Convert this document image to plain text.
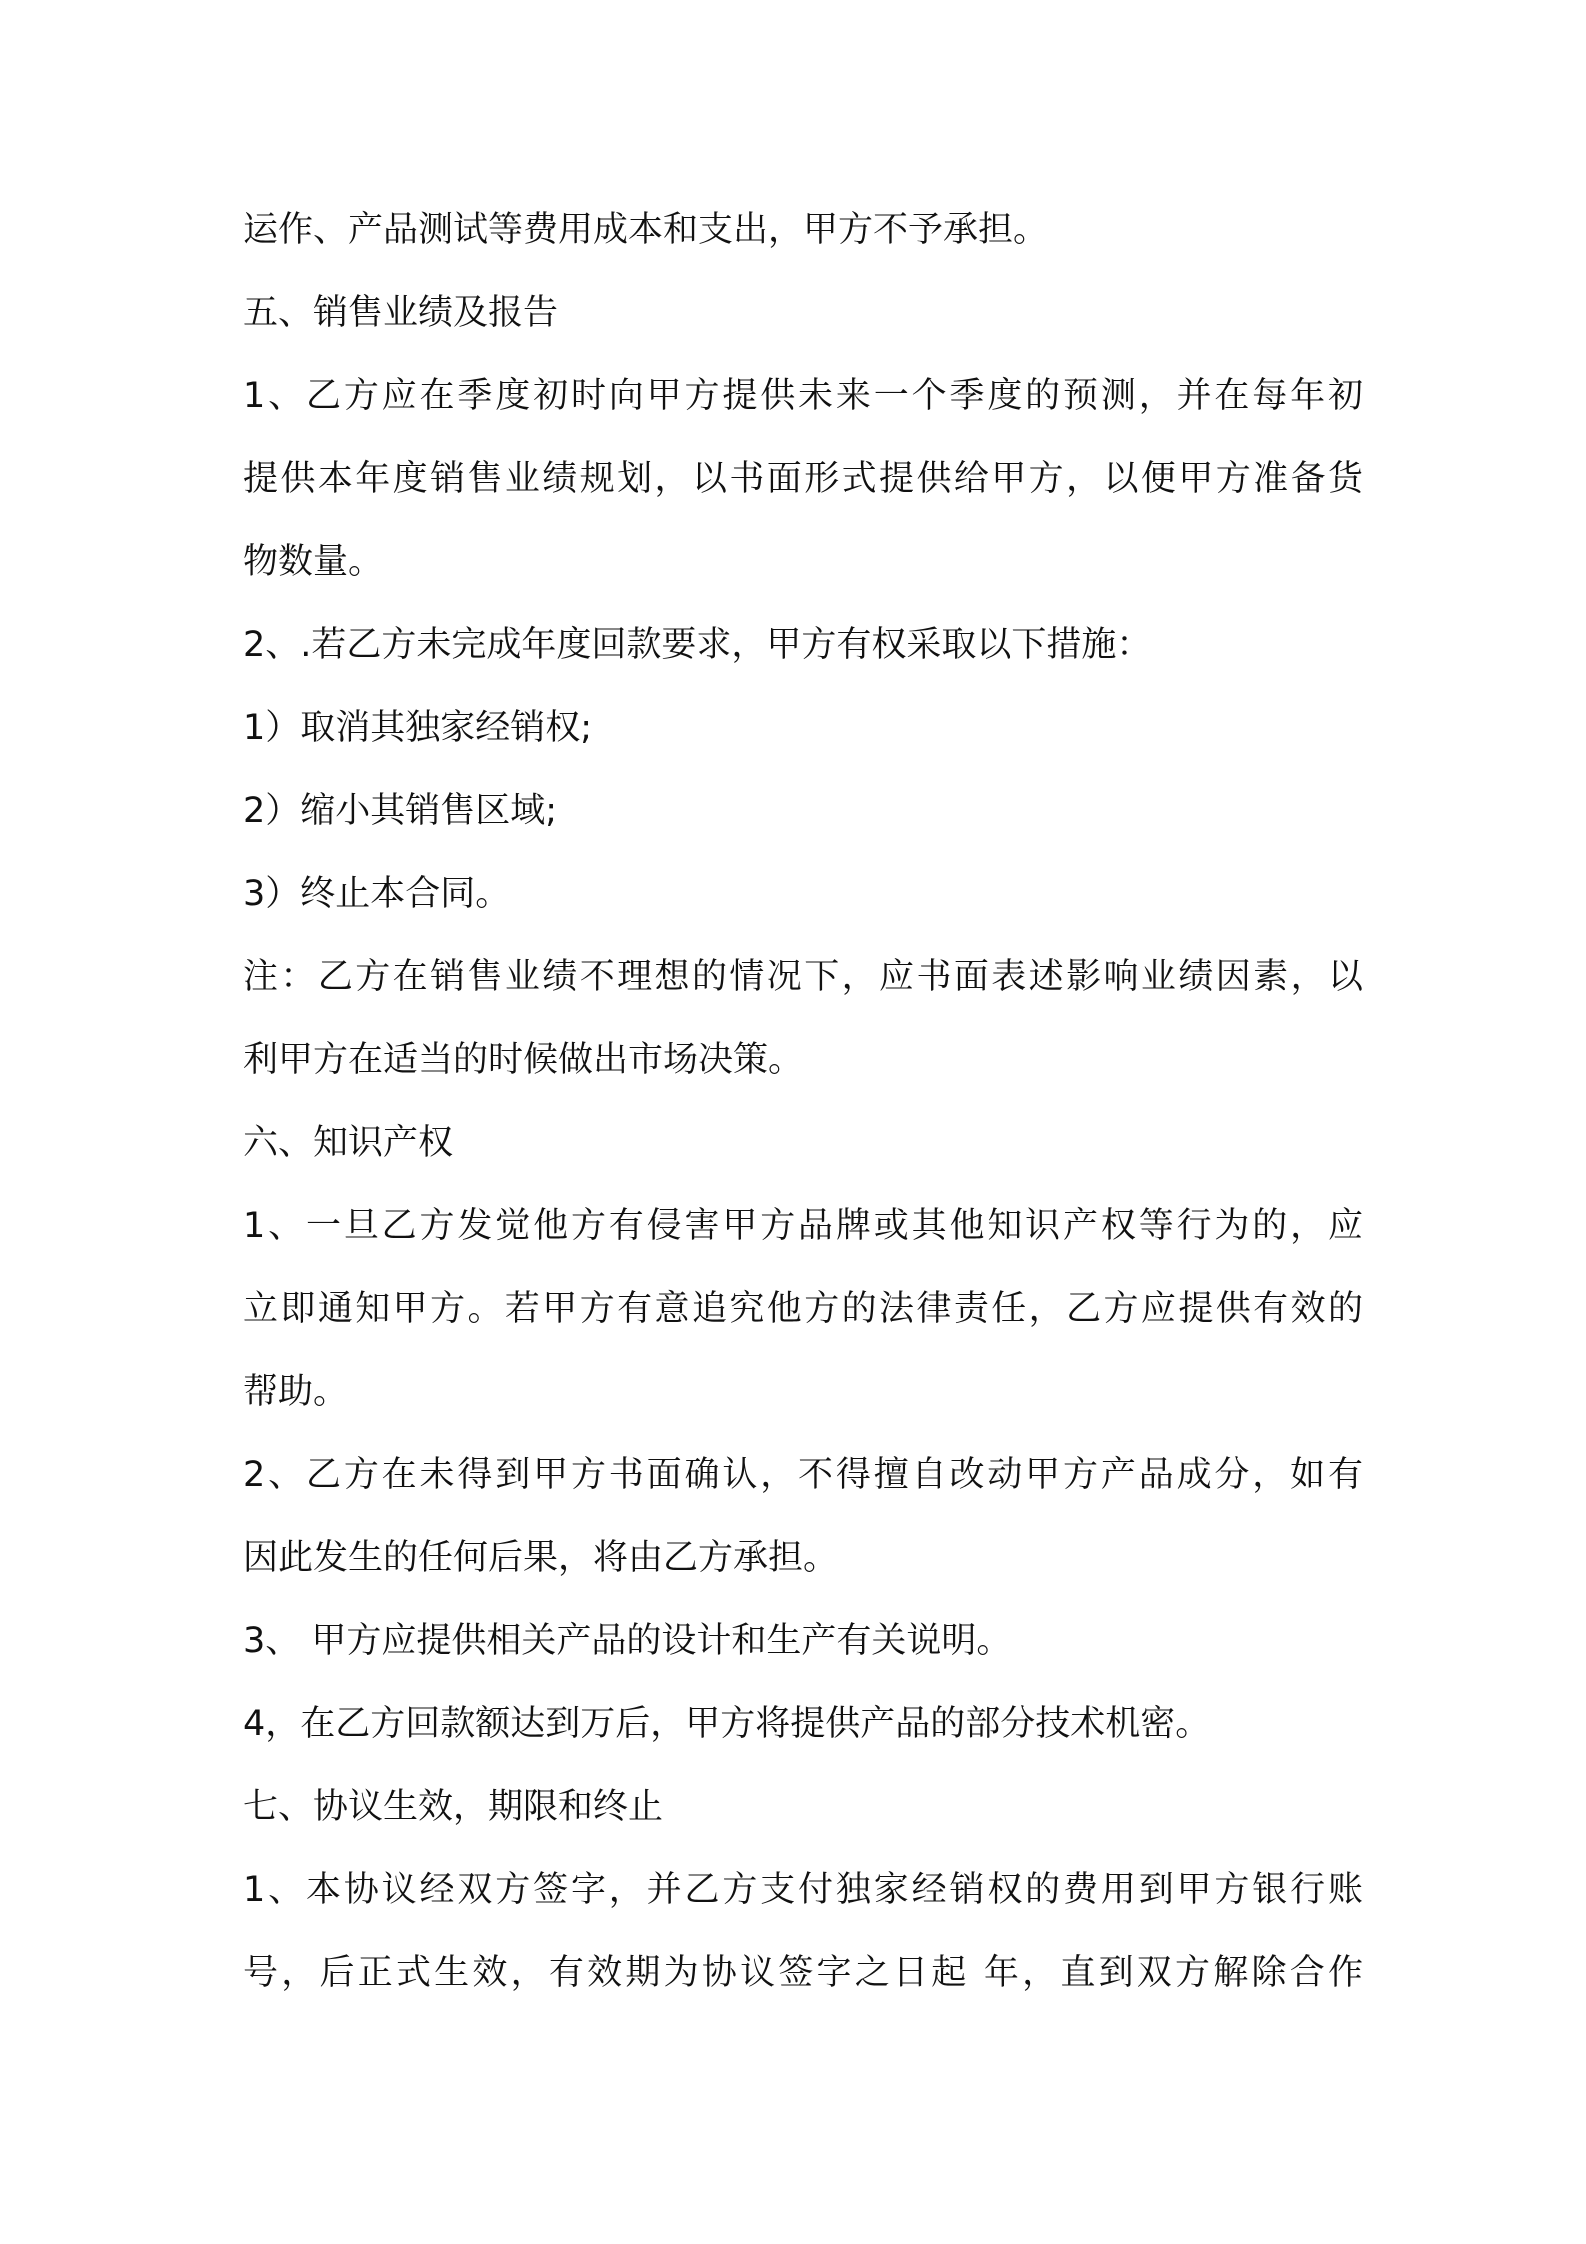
运作、产品测试等费用成本和支出，甲方不予承担。
五、销售业绩及报告
1、乙方应在季度初时向甲方提供未来一个季度的预测，并在每年初
提供本年度销售业绩规划，以书面形式提供给甲方，以便甲方准备货
物数量。
2、.若乙方未完成年度回款要求，甲方有权采取以下措施：
1）取消其独家经销权;
2）缩小其销售区域;
3）终止本合同。
注：乙方在销售业绩不理想的情况下，应书面表述影响业绩因素，以
利甲方在适当的时候做出市场决策。
六、知识产权
1、一旦乙方发觉他方有侵害甲方品牌或其他知识产权等行为的，应
立即通知甲方。若甲方有意追究他方的法律责任，乙方应提供有效的
帮助。
2、乙方在未得到甲方书面确认，不得擅自改动甲方产品成分，如有
因此发生的任何后果，将由乙方承担。
3、 甲方应提供相关产品的设计和生产有关说明。
4，在乙方回款额达到万后，甲方将提供产品的部分技术机密。
七、协议生效，期限和终止
1、本协议经双方签字，并乙方支付独家经销权的费用到甲方银行账
号，后正式生效，有效期为协议签字之日起 年，直到双方解除合作
